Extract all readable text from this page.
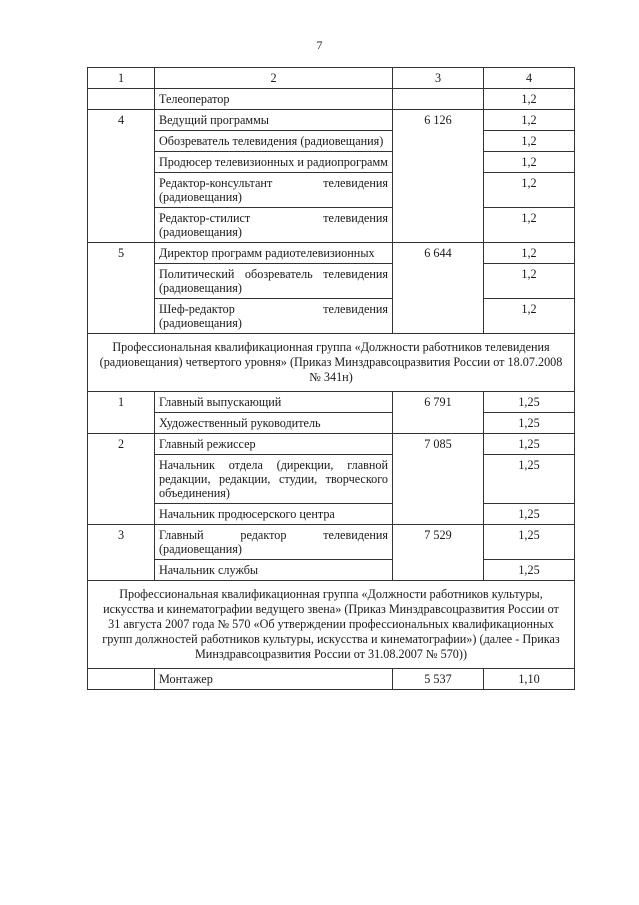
7
1	2	3	4
	Телеоператор		1,2
4	Ведущий программы	6 126	1,2
	Обозреватель телевидения (радиовещания)		1,2
	Продюсер телевизионных и радиопрограмм		1,2
	Редактор-консультант телевидения (радиовещания)		1,2
	Редактор-стилист телевидения (радиовещания)		1,2
5	Директор программ радиотелевизионных	6 644	1,2
	Политический обозреватель телевидения (радиовещания)		1,2
	Шеф-редактор телевидения (радиовещания)		1,2
Профессиональная квалификационная группа «Должности работников телевидения (радиовещания) четвертого уровня» (Приказ Минздравсоцразвития России от 18.07.2008 № 341н)			
1	Главный выпускающий	6 791	1,25
	Художественный руководитель		1,25
2	Главный режиссер	7 085	1,25
	Начальник отдела (дирекции, главной редакции, редакции, студии, творческого объединения)		1,25
	Начальник продюсерского центра		1,25
3	Главный редактор телевидения (радиовещания)	7 529	1,25
	Начальник службы		1,25
Профессиональная квалификационная группа «Должности работников культуры, искусства и кинематографии ведущего звена» (Приказ Минздравсоцразвития России от 31 августа 2007 года № 570 «Об утверждении профессиональных квалификационных групп должностей работников культуры, искусства и кинематографии») (далее - Приказ Минздравсоцразвития России от 31.08.2007 № 570))			
	Монтажер	5 537	1,10
